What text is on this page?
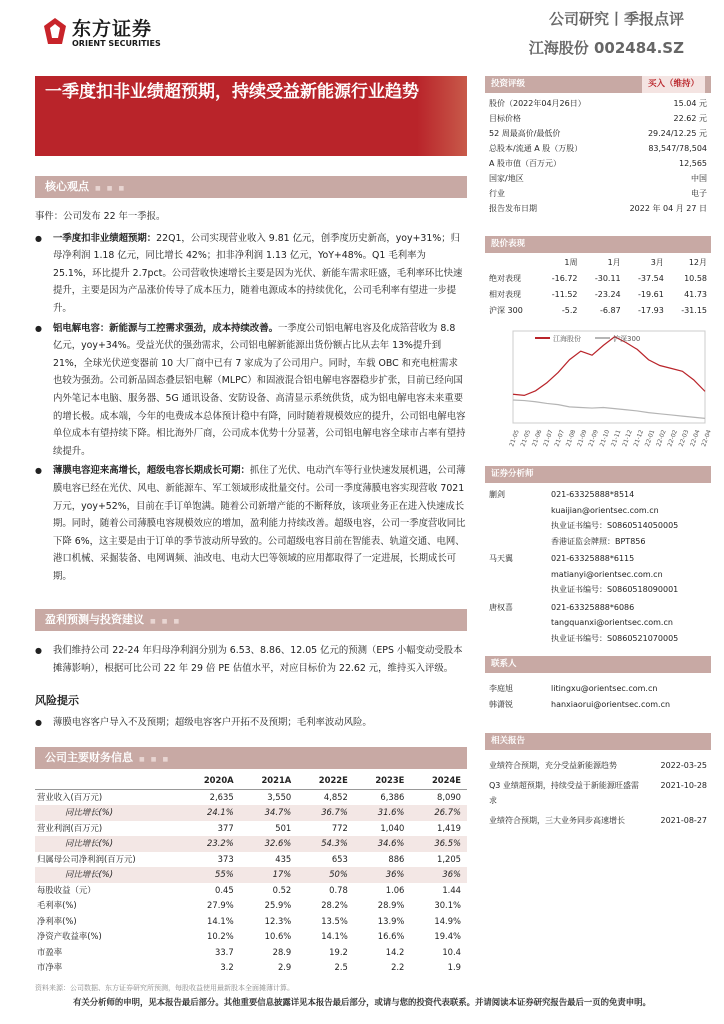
东方证券
ORIENT SECURITIES
公司研究丨季报点评
江海股份 002484.SZ
一季度扣非业绩超预期，持续受益新能源行业趋势
核心观点 ■ ■ ■
事件：公司发布 22 年一季报。
● 一季度扣非业绩超预期：22Q1，公司实现营业收入 9.81 亿元，创季度历史新高，yoy+31%；归母净利润 1.18 亿元，同比增长 42%；扣非净利润 1.13 亿元，YoY+48%。Q1 毛利率为 25.1%，环比提升 2.7pct。公司营收快速增长主要是因为光伏、新能车需求旺盛，毛利率环比快速提升，主要是因为产品涨价传导了成本压力，随着电源成本的持续优化，公司毛利率有望进一步提升。
● 铝电解电容：新能源与工控需求强劲，成本持续改善。一季度公司铝电解电容及化成箔营收为 8.8 亿元，yoy+34%。受益光伏的强劲需求，公司铝电解新能源出货份额占比从去年 13%提升到 21%，全球光伏逆变器前 10 大厂商中已有 7 家成为了公司用户。同时，车载 OBC 和充电桩需求也较为强劲。公司新品固态叠层铝电解（MLPC）和固液混合铝电解电容器稳步扩张，目前已经向国内外笔记本电脑、服务器、5G 通讯设备、安防设备、高清显示系统供货，成为铝电解电容未来重要的增长极。成本端，今年的电费成本总体预计稳中有降，同时随着规模效应的提升，公司铝电解电容单位成本有望持续下降。相比海外厂商，公司成本优势十分显著，公司铝电解电容全球市占率有望持续提升。
● 薄膜电容迎来高增长，超级电容长期成长可期：抓住了光伏、电动汽车等行业快速发展机遇，公司薄膜电容已经在光伏、风电、新能源车、军工领域形成批量交付。公司一季度薄膜电容实现营收 7021 万元，yoy+52%，目前在手订单饱满。随着公司新增产能的不断释放，该项业务正在进入快速成长期。同时，随着公司薄膜电容规模效应的增加，盈利能力持续改善。超级电容，公司一季度营收同比下降 6%，这主要是由于订单的季节波动所导致的。公司超级电容目前在智能表、轨道交通、电网、港口机械、采掘装备、电网调频、油改电、电动大巴等领域的应用都取得了一定进展，长期成长可期。
盈利预测与投资建议 ■ ■ ■
● 我们维持公司 22-24 年归母净利润分别为 6.53、8.86、12.05 亿元的预测（EPS 小幅变动受股本摊薄影响），根据可比公司 22 年 29 倍 PE 估值水平，对应目标价为 22.62 元，维持买入评级。
风险提示
● 薄膜电容客户导入不及预期；超级电容客户开拓不及预期；毛利率波动风险。
公司主要财务信息 ■ ■ ■
	2020A	2021A	2022E	2023E	2024E
营业收入(百万元)	2,635	3,550	4,852	6,386	8,090
同比增长(%)	24.1%	34.7%	36.7%	31.6%	26.7%
营业利润(百万元)	377	501	772	1,040	1,419
同比增长(%)	23.2%	32.6%	54.3%	34.6%	36.5%
归属母公司净利润(百万元)	373	435	653	886	1,205
同比增长(%)	55%	17%	50%	36%	36%
每股收益（元）	0.45	0.52	0.78	1.06	1.44
毛利率(%)	27.9%	25.9%	28.2%	28.9%	30.1%
净利率(%)	14.1%	12.3%	13.5%	13.9%	14.9%
净资产收益率(%)	10.2%	10.6%	14.1%	16.6%	19.4%
市盈率	33.7	28.9	19.2	14.2	10.4
市净率	3.2	2.9	2.5	2.2	1.9
资料来源：公司数据、东方证券研究所预测，每股收益使用最新股本全面摊薄计算。
投资评级	买入（维持）
股价（2022年04月26日）	15.04 元
目标价格	22.62 元
52 周最高价/最低价	29.24/12.25 元
总股本/流通 A 股（万股）	83,547/78,504
A 股市值（百万元）	12,565
国家/地区	中国
行业	电子
报告发布日期	2022 年 04 月 27 日
股价表现
	1周	1月	3月	12月
绝对表现	-16.72	-30.11	-37.54	10.58
相对表现	-11.52	-23.24	-19.61	41.73
沪深 300	-5.2	-6.87	-17.93	-31.15
江海股份	沪深300
21-05
21-05
21-06
21-07
21-07
21-08
21-09
21-09
21-10
21-11
21-12
21-12
22-01
22-02
22-02
22-03
22-04
22-04
证券分析师
蒯剑	021-63325888*8514
kuaijian@orientsec.com.cn
执业证书编号：S0860514050005
香港证监会牌照：BPT856
马天翼	021-63325888*6115
matianyi@orientsec.com.cn
执业证书编号：S0860518090001
唐权喜	021-63325888*6086
tangquanxi@orientsec.com.cn
执业证书编号：S0860521070005
联系人
李庭旭	litingxu@orientsec.com.cn
韩潇锐	hanxiaorui@orientsec.com.cn
相关报告
业绩符合预期，充分受益新能源趋势	2022-03-25
Q3 业绩超预期，持续受益于新能源旺盛需求
2021-10-28
业绩符合预期，三大业务同步高速增长	2021-08-27
有关分析师的申明，见本报告最后部分。其他重要信息披露详见本报告最后部分，或请与您的投资代表联系。并请阅读本证券研究报告最后一页的免责申明。
